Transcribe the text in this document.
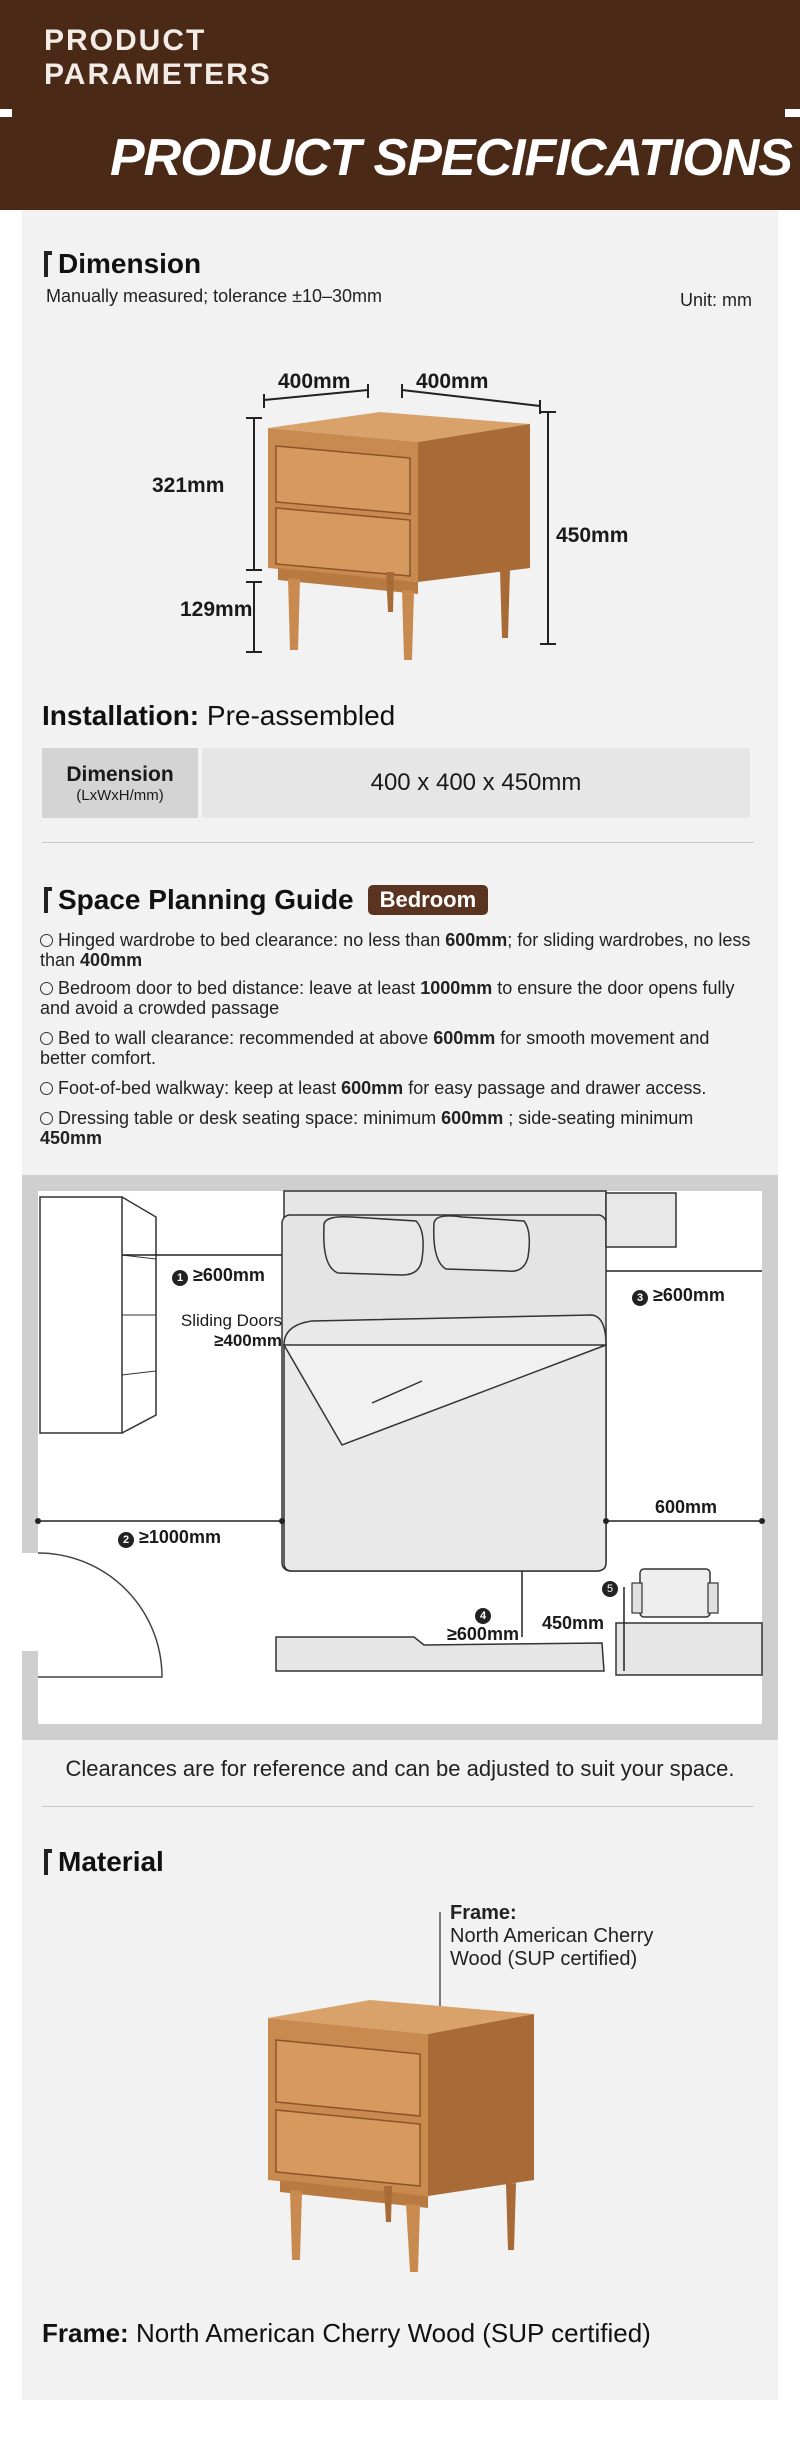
PRODUCT
PARAMETERS
PRODUCT SPECIFICATIONS
Dimension
Manually measured; tolerance ±10–30mm	Unit: mm
400mm	400mm
450mm
321mm
129mm
Installation: Pre-assembled
Dimension
(LxWxH/mm)	400 x 400 x 450mm
Space Planning Guide	Bedroom
Hinged wardrobe to bed clearance: no less than 600mm; for sliding wardrobes, no less than 400mm
Bedroom door to bed distance: leave at least 1000mm to ensure the door opens fully and avoid a crowded passage
Bed to wall clearance: recommended at above 600mm for smooth movement and better comfort.
Foot-of-bed walkway: keep at least 600mm for easy passage and drawer access.
Dressing table or desk seating space: minimum 600mm ; side-seating minimum 450mm
1 ≥600mm
Sliding Doors
≥400mm
3 ≥600mm
2 ≥1000mm
600mm
4
≥600mm
5
450mm
Clearances are for reference and can be adjusted to suit your space.
Material
Frame:
North American Cherry
Wood (SUP certified)
Frame: North American Cherry Wood (SUP certified)
